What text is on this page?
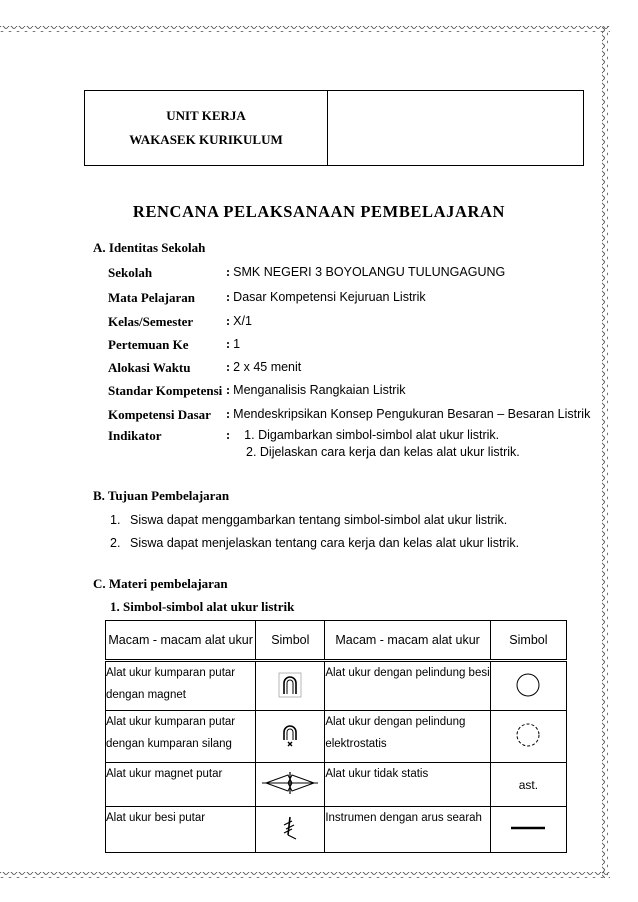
UNIT KERJA
WAKASEK KURIKULUM
RENCANA PELAKSANAAN PEMBELAJARAN
A. Identitas Sekolah
Sekolah	: SMK NEGERI 3 BOYOLANGU TULUNGAGUNG
Mata Pelajaran	: Dasar Kompetensi Kejuruan Listrik
Kelas/Semester	: X/1
Pertemuan Ke	: 1
Alokasi Waktu	: 2 x 45 menit
Standar Kompetensi : Menganalisis Rangkaian Listrik
Kompetensi Dasar	: Mendeskripsikan Konsep Pengukuran Besaran – Besaran Listrik
Indikator	: 1. Digambarkan simbol-simbol alat ukur listrik.
2. Dijelaskan cara kerja dan kelas alat ukur listrik.
B. Tujuan Pembelajaran
1. Siswa dapat menggambarkan tentang simbol-simbol alat ukur listrik.
2. Siswa dapat menjelaskan tentang cara kerja dan kelas alat ukur listrik.
C. Materi pembelajaran
1. Simbol-simbol alat ukur listrik
Macam - macam alat ukur	Simbol	Macam - macam alat ukur	Simbol
Alat ukur kumparan putar dengan magnet		Alat ukur dengan pelindung besi	
Alat ukur kumparan putar dengan kumparan silang		Alat ukur dengan pelindung elektrostatis	
Alat ukur magnet putar		Alat ukur tidak statis	ast.
Alat ukur besi putar		Instrumen dengan arus searah	
